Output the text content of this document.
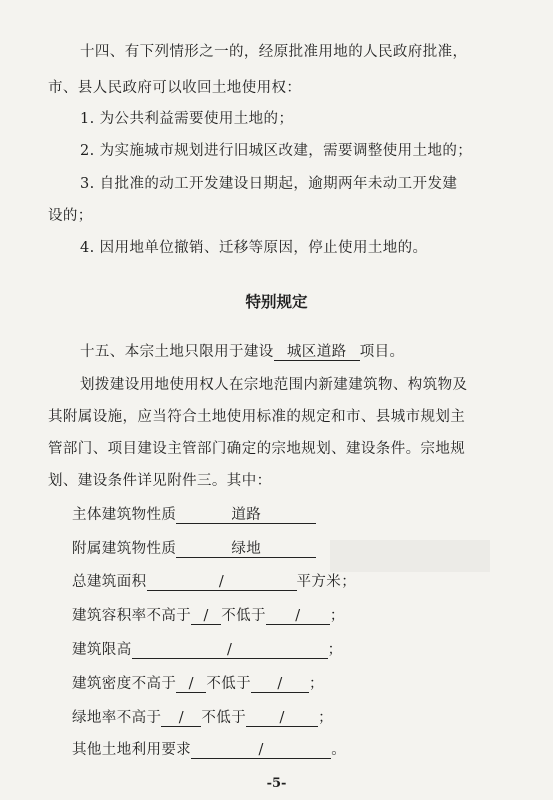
十四、有下列情形之一的，经原批准用地的人民政府批准，
市、县人民政府可以收回土地使用权：
1. 为公共利益需要使用土地的；
2. 为实施城市规划进行旧城区改建，需要调整使用土地的；
3. 自批准的动工开发建设日期起，逾期两年未动工开发建
设的；
4. 因用地单位撤销、迁移等原因，停止使用土地的。
特别规定
十五、本宗土地只限用于建设 城区道路 项目。
划拨建设用地使用权人在宗地范围内新建建筑物、构筑物及
其附属设施，应当符合土地使用标准的规定和市、县城市规划主
管部门、项目建设主管部门确定的宗地规划、建设条件。宗地规
划、建设条件详见附件三。其中：
主体建筑物性质	道路
附属建筑物性质	绿地
总建筑面积	/	平方米；
建筑容积率不高于 / 不低于 / ；
建筑限高	/	；
建筑密度不高于 / 不低于 / ；
绿地率不高于 / 不低于 / ；
其他土地利用要求	/	。
-5-
